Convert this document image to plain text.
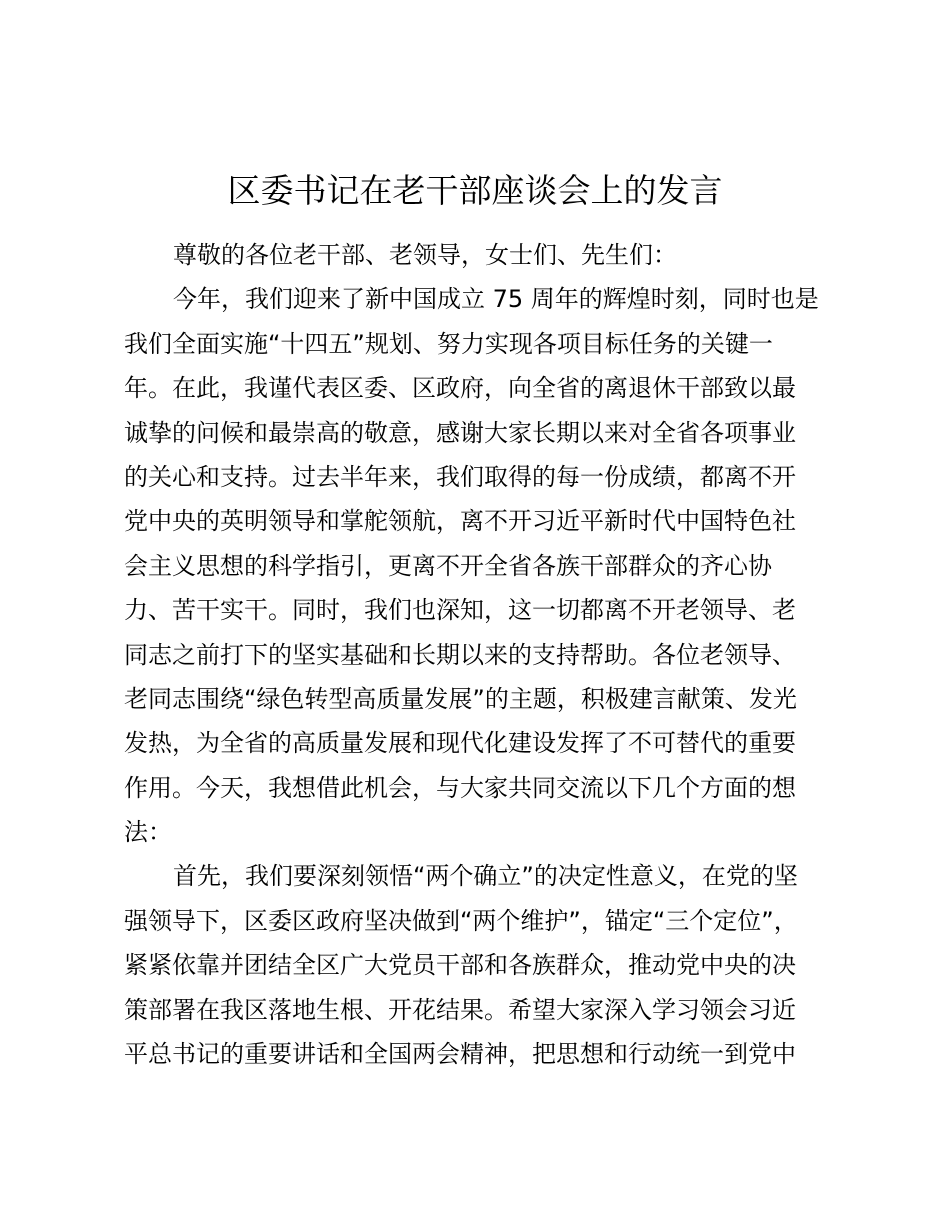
区委书记在老干部座谈会上的发言
尊敬的各位老干部、老领导，女士们、先生们：
今年，我们迎来了新中国成立 75 周年的辉煌时刻，同时也是
我们全面实施“十四五”规划、努力实现各项目标任务的关键一
年。在此，我谨代表区委、区政府，向全省的离退休干部致以最
诚挚的问候和最崇高的敬意，感谢大家长期以来对全省各项事业
的关心和支持。过去半年来，我们取得的每一份成绩，都离不开
党中央的英明领导和掌舵领航，离不开习近平新时代中国特色社
会主义思想的科学指引，更离不开全省各族干部群众的齐心协
力、苦干实干。同时，我们也深知，这一切都离不开老领导、老
同志之前打下的坚实基础和长期以来的支持帮助。各位老领导、
老同志围绕“绿色转型高质量发展”的主题，积极建言献策、发光
发热，为全省的高质量发展和现代化建设发挥了不可替代的重要
作用。今天，我想借此机会，与大家共同交流以下几个方面的想
法：
首先，我们要深刻领悟“两个确立”的决定性意义，在党的坚
强领导下，区委区政府坚决做到“两个维护”，锚定“三个定位”，
紧紧依靠并团结全区广大党员干部和各族群众，推动党中央的决
策部署在我区落地生根、开花结果。希望大家深入学习领会习近
平总书记的重要讲话和全国两会精神，把思想和行动统一到党中
